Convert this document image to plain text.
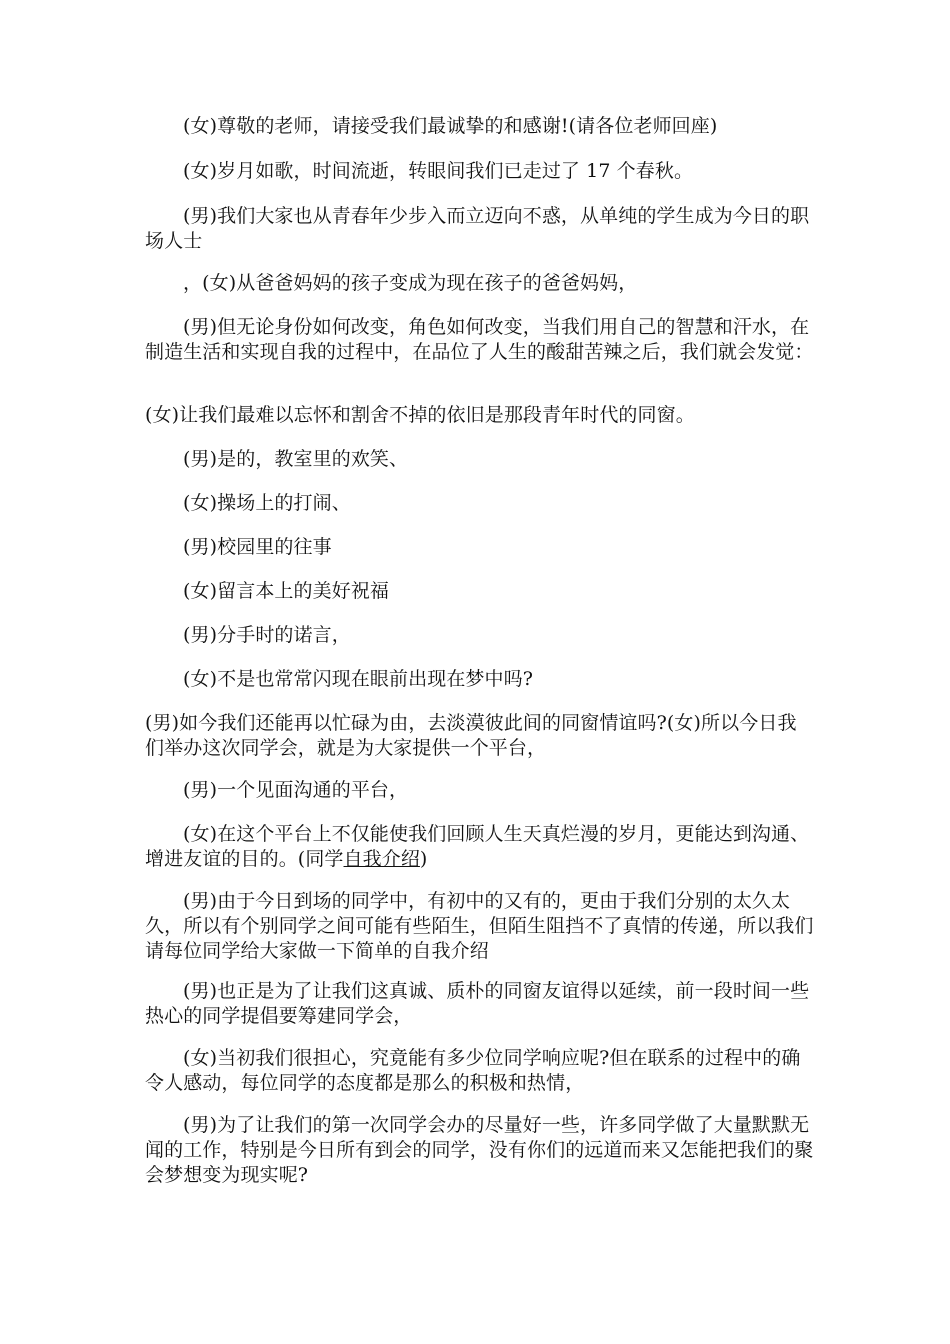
(女)尊敬的老师，请接受我们最诚挚的和感谢!(请各位老师回座)

(女)岁月如歌，时间流逝，转眼间我们已走过了 17 个春秋。

(男)我们大家也从青春年少步入而立迈向不惑，从单纯的学生成为今日的职场人士

，(女)从爸爸妈妈的孩子变成为现在孩子的爸爸妈妈，

(男)但无论身份如何改变，角色如何改变，当我们用自己的智慧和汗水，在制造生活和实现自我的过程中，在品位了人生的酸甜苦辣之后，我们就会发觉：

(女)让我们最难以忘怀和割舍不掉的依旧是那段青年时代的同窗。

(男)是的，教室里的欢笑、

(女)操场上的打闹、

(男)校园里的往事

(女)留言本上的美好祝福

(男)分手时的诺言，

(女)不是也常常闪现在眼前出现在梦中吗?

(男)如今我们还能再以忙碌为由，去淡漠彼此间的同窗情谊吗?(女)所以今日我们举办这次同学会，就是为大家提供一个平台，

(男)一个见面沟通的平台，

(女)在这个平台上不仅能使我们回顾人生天真烂漫的岁月，更能达到沟通、增进友谊的目的。(同学自我介绍)

(男)由于今日到场的同学中，有初中的又有的，更由于我们分别的太久太久，所以有个别同学之间可能有些陌生，但陌生阻挡不了真情的传递，所以我们请每位同学给大家做一下简单的自我介绍

(男)也正是为了让我们这真诚、质朴的同窗友谊得以延续，前一段时间一些热心的同学提倡要筹建同学会，

(女)当初我们很担心，究竟能有多少位同学响应呢?但在联系的过程中的确令人感动，每位同学的态度都是那么的积极和热情，

(男)为了让我们的第一次同学会办的尽量好一些，许多同学做了大量默默无闻的工作，特别是今日所有到会的同学，没有你们的远道而来又怎能把我们的聚会梦想变为现实呢?
